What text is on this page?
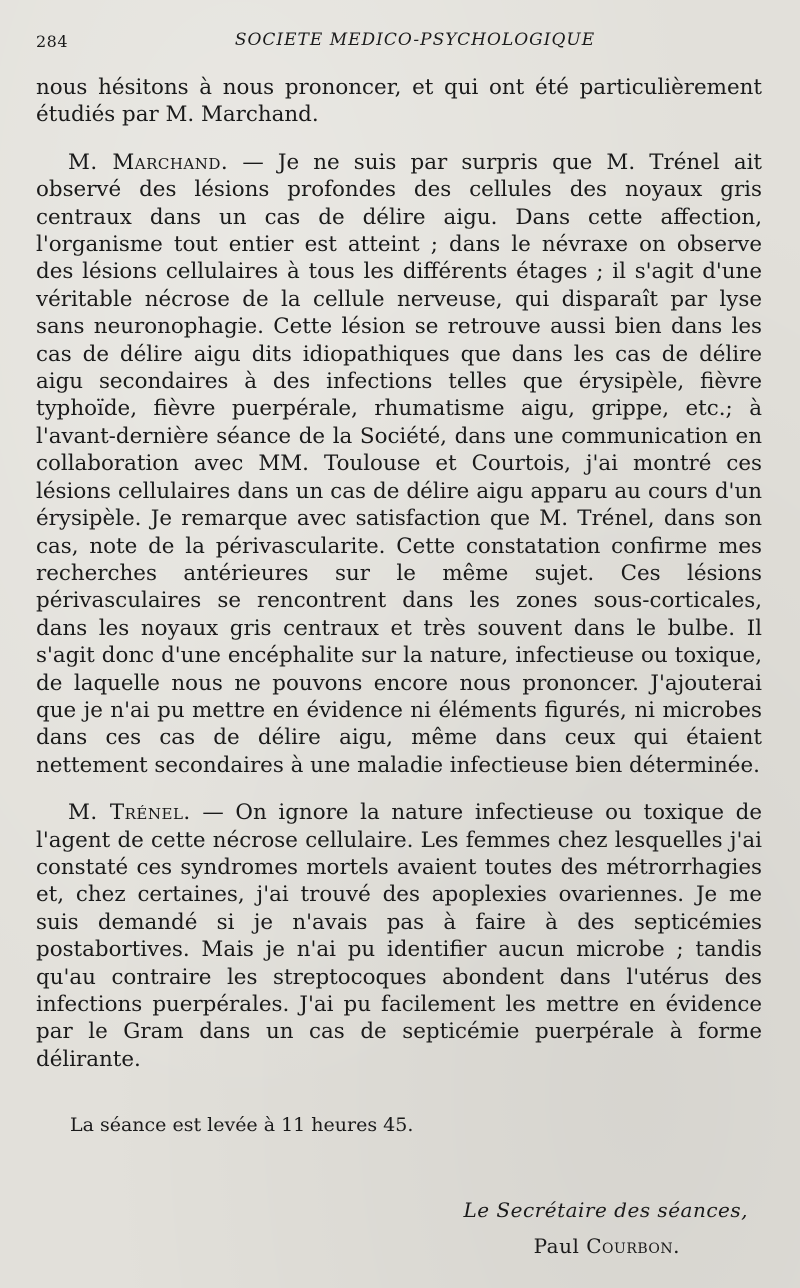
284	SOCIETE MEDICO-PSYCHOLOGIQUE

nous hésitons à nous prononcer, et qui ont été particulièrement étudiés par M. Marchand.

M. Marchand. — Je ne suis par surpris que M. Trénel ait observé des lésions profondes des cellules des noyaux gris centraux dans un cas de délire aigu. Dans cette affection, l'organisme tout entier est atteint ; dans le névraxe on observe des lésions cellulaires à tous les différents étages ; il s'agit d'une véritable nécrose de la cellule nerveuse, qui disparaît par lyse sans neuronophagie. Cette lésion se retrouve aussi bien dans les cas de délire aigu dits idiopathiques que dans les cas de délire aigu secondaires à des infections telles que érysipèle, fièvre typhoïde, fièvre puerpérale, rhumatisme aigu, grippe, etc.; à l'avant-dernière séance de la Société, dans une communication en collaboration avec MM. Toulouse et Courtois, j'ai montré ces lésions cellulaires dans un cas de délire aigu apparu au cours d'un érysipèle. Je remarque avec satisfaction que M. Trénel, dans son cas, note de la périvascularite. Cette constatation confirme mes recherches antérieures sur le même sujet. Ces lésions périvasculaires se rencontrent dans les zones sous-corticales, dans les noyaux gris centraux et très souvent dans le bulbe. Il s'agit donc d'une encéphalite sur la nature, infectieuse ou toxique, de laquelle nous ne pouvons encore nous prononcer. J'ajouterai que je n'ai pu mettre en évidence ni éléments figurés, ni microbes dans ces cas de délire aigu, même dans ceux qui étaient nettement secondaires à une maladie infectieuse bien déterminée.

M. Trénel. — On ignore la nature infectieuse ou toxique de l'agent de cette nécrose cellulaire. Les femmes chez lesquelles j'ai constaté ces syndromes mortels avaient toutes des métrorrhagies et, chez certaines, j'ai trouvé des apoplexies ovariennes. Je me suis demandé si je n'avais pas à faire à des septicémies postabortives. Mais je n'ai pu identifier aucun microbe ; tandis qu'au contraire les streptocoques abondent dans l'utérus des infections puerpérales. J'ai pu facilement les mettre en évidence par le Gram dans un cas de septicémie puerpérale à forme délirante.

La séance est levée à 11 heures 45.
Le Secrétaire des séances,
Paul Courbon.
